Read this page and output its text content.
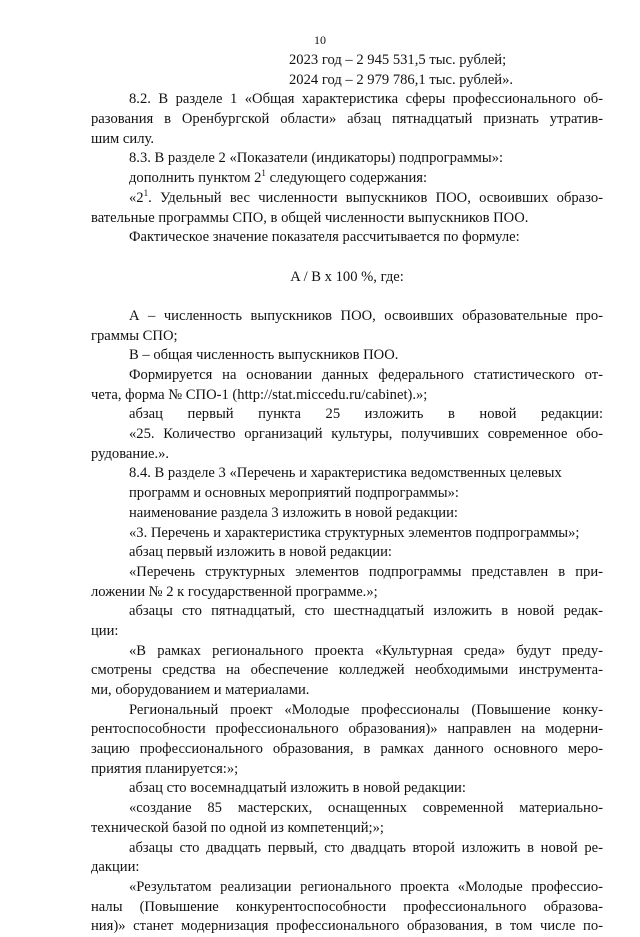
10
2023 год – 2 945 531,5 тыс. рублей;
2024 год – 2 979 786,1 тыс. рублей».
8.2. В разделе 1 «Общая характеристика сферы профессионального об-
разования в Оренбургской области» абзац пятнадцатый признать утратив-
шим силу.
8.3. В разделе 2 «Показатели (индикаторы) подпрограммы»:
дополнить пунктом $2^1$ следующего содержания:
«$2^1$. Удельный вес численности выпускников ПОО, освоивших образо-
вательные программы СПО, в общей численности выпускников ПОО.
Фактическое значение показателя рассчитывается по формуле:
A / B x 100 %, где:
А – численность выпускников ПОО, освоивших образовательные про-
граммы СПО;
В – общая численность выпускников ПОО.
Формируется на основании данных федерального статистического от-
чета, форма № СПО-1 (http://stat.miccedu.ru/cabinet).»;
абзац первый пункта 25 изложить в новой редакции:
«25. Количество организаций культуры, получивших современное обо-
рудование.».
8.4. В разделе 3 «Перечень и характеристика ведомственных целевых
программ и основных мероприятий подпрограммы»:
наименование раздела 3 изложить в новой редакции:
«3. Перечень и характеристика структурных элементов подпрограммы»;
абзац первый изложить в новой редакции:
«Перечень структурных элементов подпрограммы представлен в при-
ложении № 2 к государственной программе.»;
абзацы сто пятнадцатый, сто шестнадцатый изложить в новой редак-
ции:
«В рамках регионального проекта «Культурная среда» будут преду-
смотрены средства на обеспечение колледжей необходимыми инструмента-
ми, оборудованием и материалами.
Региональный проект «Молодые профессионалы (Повышение конку-
рентоспособности профессионального образования)» направлен на модерни-
зацию профессионального образования, в рамках данного основного меро-
приятия планируется:»;
абзац сто восемнадцатый изложить в новой редакции:
«создание 85 мастерских, оснащенных современной материально-
технической базой по одной из компетенций;»;
абзацы сто двадцать первый, сто двадцать второй изложить в новой ре-
дакции:
«Результатом реализации регионального проекта «Молодые профессио-
налы (Повышение конкурентоспособности профессионального образова-
ния)» станет модернизация профессионального образования, в том числе по-
